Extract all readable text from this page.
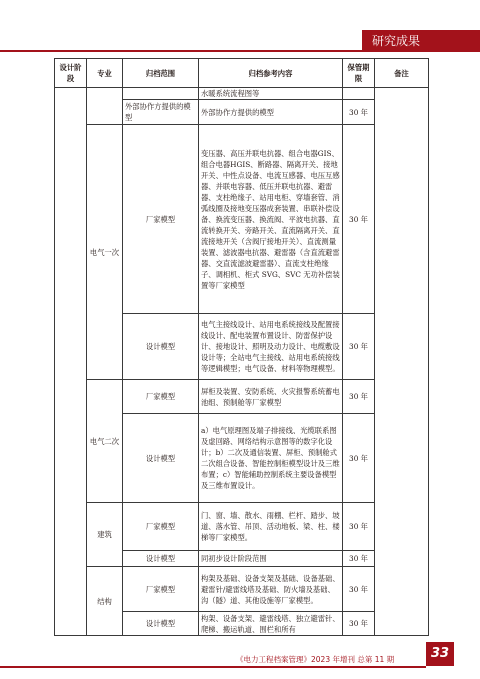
研究成果
设计阶段	专业	归档范围	归档参考内容	保管期限	备注
			水暖系统流程图等		
		外部协作方提供的模型	外部协作方提供的模型	30 年	
	电气一次	厂家模型	变压器、高压并联电抗器、组合电器GIS、组合电器HGIS、断路器、隔离开关、接地开关、中性点设备、电流互感器、电压互感器、并联电容器、低压并联电抗器、避雷器、支柱绝缘子、站用电柜、穿墙套管、消弧线圈及接地变压器成套装置、串联补偿设备、换流变压器、换流阀、平波电抗器、直流转换开关、旁路开关、直流隔离开关、直流接地开关（含阀厅接地开关）、直流测量装置、滤波器电抗器、避雷器（含直流避雷器、交直流滤波避雷器）、直流支柱绝缘子、调相机、柜式 SVG、SVC 无功补偿装置等厂家模型	30 年	
		设计模型	电气主接线设计、站用电系统接线及配置接线设计、配电装置布置设计、防雷保护设计、接地设计、照明及动力设计、电缆敷设设计等；全站电气主接线、站用电系统接线等逻辑模型；电气设备、材料等物理模型。	30 年	
	电气二次	厂家模型	屏柜及装置、安防系统、火灾报警系统蓄电池组、预制舱等厂家模型	30 年	
		设计模型	a）电气原理图及端子排接线、光缆联系图及虚回路、网络结构示意图等的数字化设计；b）二次及通信装置、屏柜、预制舱式二次组合设备、智能控制柜模型设计及三维布置；c）智能辅助控制系统主要设备模型及三维布置设计。	30 年	
	建筑	厂家模型	门、窗、墙、散水、雨棚、栏杆、踏步、坡道、落水管、吊顶、活动地板、梁、柱、楼梯等厂家模型。	30 年	
		设计模型	同初步设计阶段范围	30 年	
	结构	厂家模型	构架及基础、设备支架及基础、设备基础、避雷针/避雷线塔及基础、防火墙及基础、沟（隧）道、其他设施等厂家模型。	30 年	
		设计模型	构架、设备支架、避雷线塔、独立避雷针、爬梯、搬运轨道、围栏和所有	30 年	
《电力工程档案管理》2023 年增刊 总第 11 期	33
